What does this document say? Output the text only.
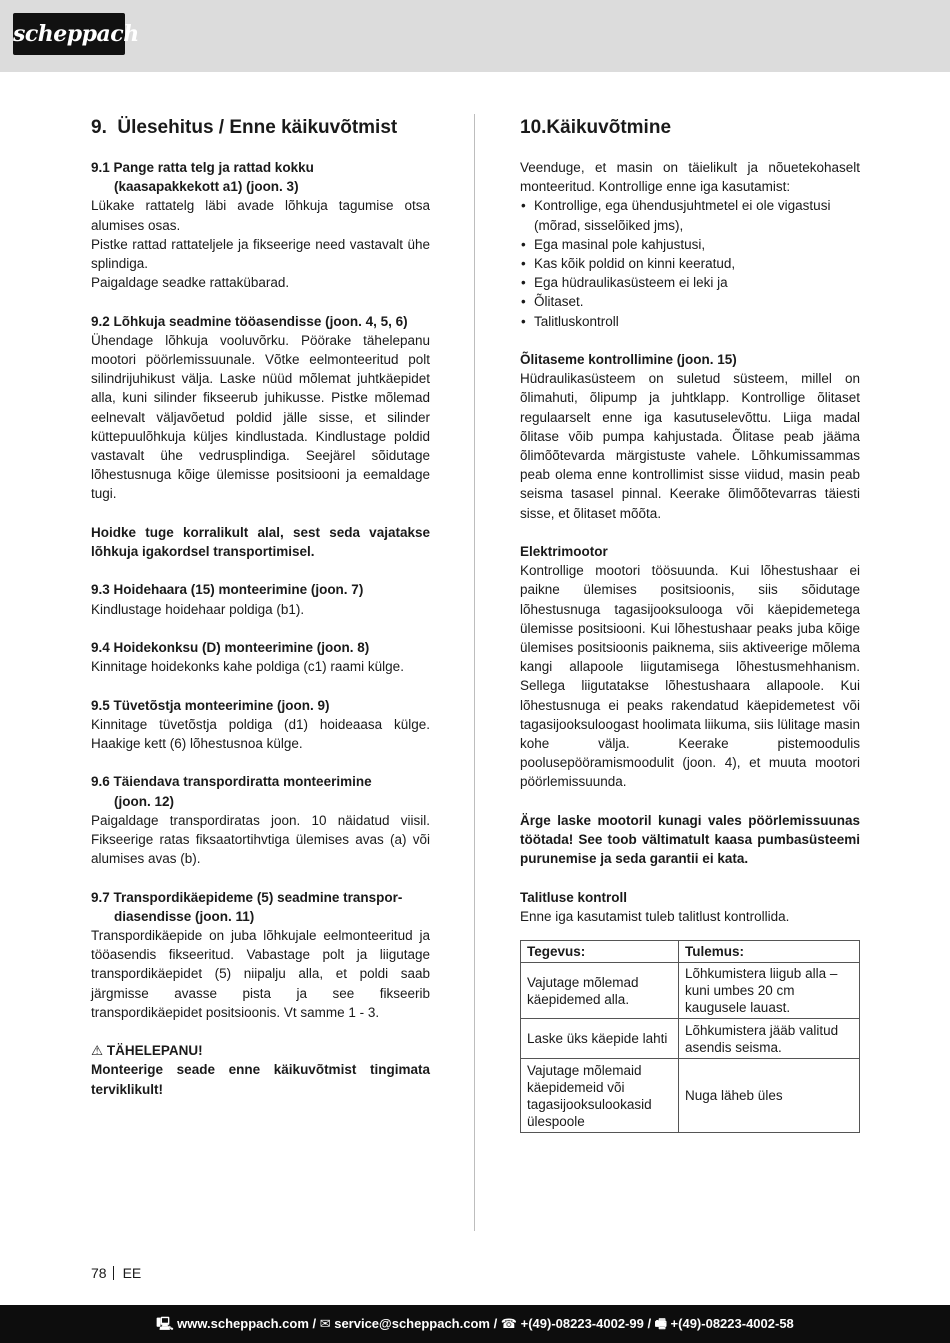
scheppach
9. Ülesehitus / Enne käikuvõtmist
9.1 Pange ratta telg ja rattad kokku
(kaasapakkekott a1) (joon. 3)

Lükake rattatelg läbi avade lõhkuja tagumise otsa alumises osas.

Pistke rattad rattateljele ja fikseerige need vastavalt ühe splindiga.

Paigaldage seadke rattakübarad.

9.2 Lõhkuja seadmine tööasendisse (joon. 4, 5, 6)

Ühendage lõhkuja vooluvõrku. Pöörake tähelepanu mootori pöörlemissuunale. Võtke eelmonteeritud polt silindrijuhikust välja. Laske nüüd mõlemat juhtkäepidet alla, kuni silinder fikseerub juhikusse. Pistke mõlemad eelnevalt väljavõetud poldid jälle sisse, et silinder küttepuulõhkuja küljes kindlustada. Kindlustage poldid vastavalt ühe vedrusplindiga. Seejärel sõidutage lõhestusnuga kõige ülemisse positsiooni ja eemaldage tugi.

Hoidke tuge korralikult alal, sest seda vajatakse lõhkuja igakordsel transportimisel.

9.3 Hoidehaara (15) monteerimine (joon. 7)

Kindlustage hoidehaar poldiga (b1).

9.4 Hoidekonksu (D) monteerimine (joon. 8)

Kinnitage hoidekonks kahe poldiga (c1) raami külge.

9.5 Tüvetõstja monteerimine (joon. 9)

Kinnitage tüvetõstja poldiga (d1) hoideaasa külge. Haakige kett (6) lõhestusnoa külge.

9.6 Täiendava transpordiratta monteerimine
(joon. 12)

Paigaldage transpordiratas joon. 10 näidatud viisil. Fikseerige ratas fiksaatortihvtiga ülemises avas (a) või alumises avas (b).

9.7 Transpordikäepideme (5) seadmine transpor-
diasendisse (joon. 11)

Transpordikäepide on juba lõhkujale eelmonteeritud ja tööasendis fikseeritud. Vabastage polt ja liigutage transpordikäepidet (5) niipalju alla, et poldi saab järgmisse avasse pista ja see fikseerib transpordikäepidet positsioonis. Vt samme 1 - 3.

⚠ TÄHELEPANU!

Monteerige seade enne käikuvõtmist tingimata terviklikult!

10.Käikuvõtmine

Veenduge, et masin on täielikult ja nõuetekohaselt monteeritud. Kontrollige enne iga kasutamist:

• Kontrollige, ega ühendusjuhtmetel ei ole vigastusi (mõrad, sisselõiked jms),
• Ega masinal pole kahjustusi,
• Kas kõik poldid on kinni keeratud,
• Ega hüdraulikasüsteem ei leki ja
• Õlitaset.
• Talitluskontroll
Õlitaseme kontrollimine (joon. 15)

Hüdraulikasüsteem on suletud süsteem, millel on õlimahuti, õlipump ja juhtklapp. Kontrollige õlitaset regulaarselt enne iga kasutuselevõttu. Liiga madal õlitase võib pumpa kahjustada. Õlitase peab jääma õlimõõtevarda märgistuste vahele. Lõhkumissammas peab olema enne kontrollimist sisse viidud, masin peab seisma tasasel pinnal. Keerake õlimõõtevarras täiesti sisse, et õlitaset mõõta.

Elektrimootor

Kontrollige mootori töösuunda. Kui lõhestushaar ei paikne ülemises positsioonis, siis sõidutage lõhestusnuga tagasijooksulooga või käepidemetega ülemisse positsiooni. Kui lõhestushaar peaks juba kõige ülemises positsioonis paiknema, siis aktiveerige mõlema kangi allapoole liigutamisega lõhestusmehhanism. Sellega liigutatakse lõhestushaara allapoole. Kui lõhestusnuga ei peaks rakendatud käepidemetest või tagasijooksuloogast hoolimata liikuma, siis lülitage masin kohe välja. Keerake pistemoodulis poolusepööramismoodulit (joon. 4), et muuta mootori pöörlemissuunda.

Ärge laske mootoril kunagi vales pöörlemissuunas töötada! See toob vältimatult kaasa pumbasüsteemi purunemise ja seda garantii ei kata.

Talitluse kontroll

Enne iga kasutamist tuleb talitlust kontrollida.

Tegevus:	Tulemus:
Vajutage mõlemad käepidemed alla.	Lõhkumistera liigub alla – kuni umbes 20 cm kaugusele lauast.
Laske üks käepide lahti	Lõhkumistera jääb valitud asendis seisma.
Vajutage mõlemaid käepidemeid või tagasijooksulookasid ülespoole	Nuga läheb üles
78 EE
🖳 www.scheppach.com / ✉ service@scheppach.com / ☎ +(49)-08223-4002-99 / 🖷 +(49)-08223-4002-58
